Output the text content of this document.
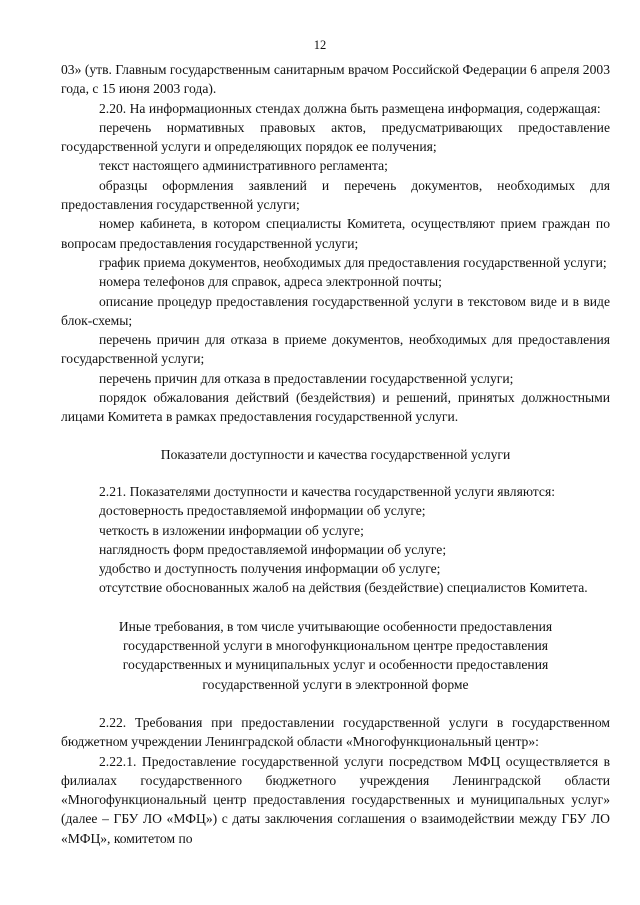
12

03» (утв. Главным государственным санитарным врачом Российской Федерации 6 апреля 2003 года, с 15 июня 2003 года).

2.20. На информационных стендах должна быть размещена информация, содержащая:

перечень нормативных правовых актов, предусматривающих предоставление государственной услуги и определяющих порядок ее получения;

текст настоящего административного регламента;

образцы оформления заявлений и перечень документов, необходимых для предоставления государственной услуги;

номер кабинета, в котором специалисты Комитета, осуществляют прием граждан по вопросам предоставления государственной услуги;

график приема документов, необходимых для предоставления государственной услуги;

номера телефонов для справок, адреса электронной почты;

описание процедур предоставления государственной услуги в текстовом виде и в виде блок-схемы;

перечень причин для отказа в приеме документов, необходимых для предоставления государственной услуги;

перечень причин для отказа в предоставлении государственной услуги;

порядок обжалования действий (бездействия) и решений, принятых должностными лицами Комитета в рамках предоставления государственной услуги.

Показатели доступности и качества государственной услуги

2.21. Показателями доступности и качества государственной услуги являются:

достоверность предоставляемой информации об услуге;

четкость в изложении информации об услуге;

наглядность форм предоставляемой информации об услуге;

удобство и доступность получения информации об услуге;

отсутствие обоснованных жалоб на действия (бездействие) специалистов Комитета.

Иные требования, в том числе учитывающие особенности предоставления

государственной услуги в многофункциональном центре предоставления

государственных и муниципальных услуг и особенности предоставления

государственной услуги в электронной форме

2.22. Требования при предоставлении государственной услуги в государственном бюджетном учреждении Ленинградской области «Многофункциональный центр»:

2.22.1. Предоставление государственной услуги посредством МФЦ осуществляется в филиалах государственного бюджетного учреждения Ленинградской области «Многофункциональный центр предоставления государственных и муниципальных услуг» (далее – ГБУ ЛО «МФЦ») с даты заключения соглашения о взаимодействии между ГБУ ЛО «МФЦ», комитетом по
